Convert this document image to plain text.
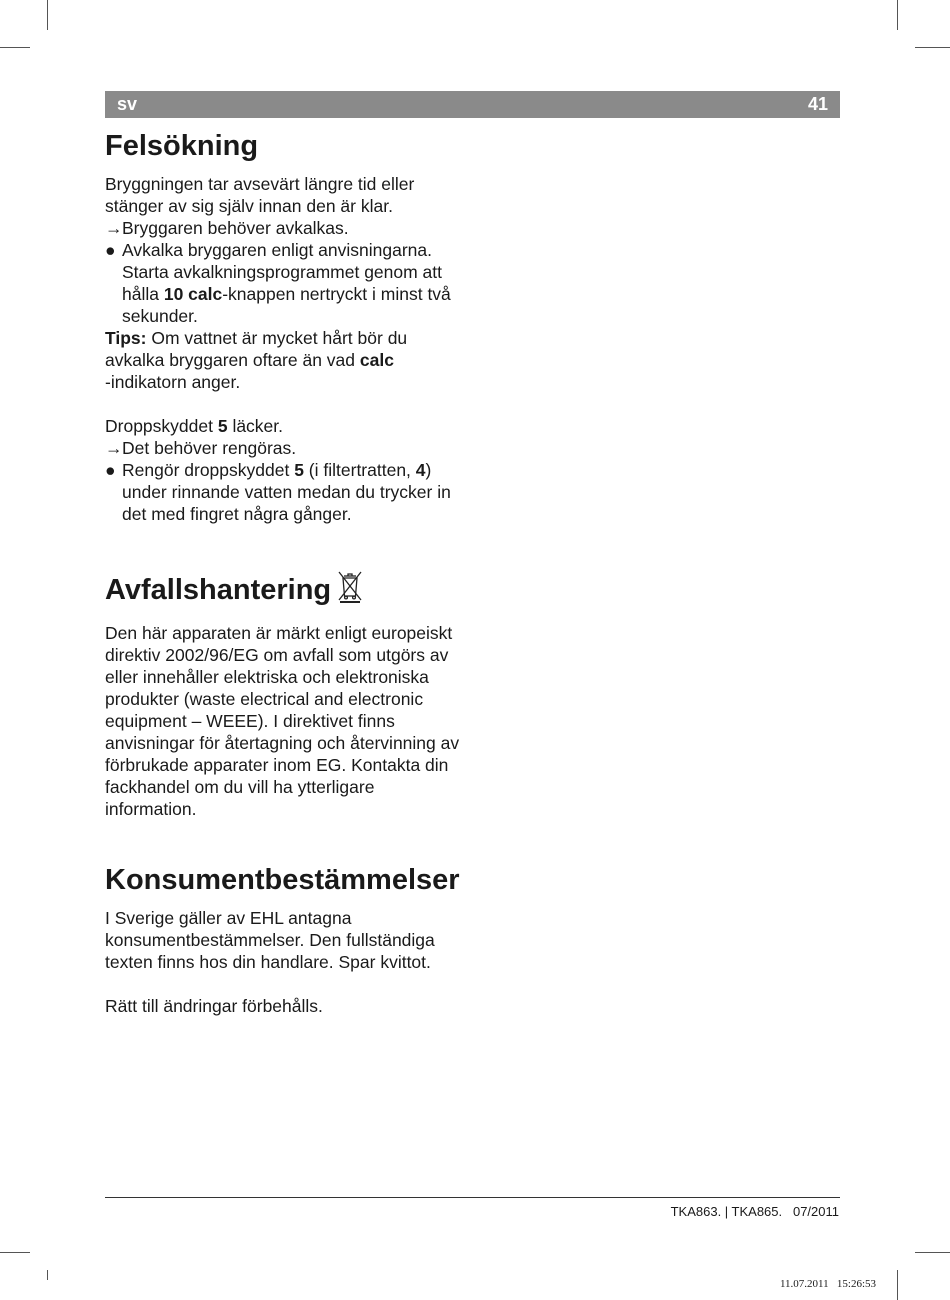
sv	41
Felsökning

Bryggningen tar avsevärt längre tid eller stänger av sig själv innan den är klar.

→ Bryggaren behöver avkalkas.

● Avkalka bryggaren enligt anvisningarna. Starta avkalkningsprogrammet genom att hålla 10 calc-knappen nertryckt i minst två sekunder.

Tips: Om vattnet är mycket hårt bör du avkalka bryggaren oftare än vad calc
-indikatorn anger.

Droppskyddet 5 läcker.

→ Det behöver rengöras.

● Rengör droppskyddet 5 (i filtertratten, 4) under rinnande vatten medan du trycker in det med fingret några gånger.

Avfallshantering

Den här apparaten är märkt enligt europeiskt direktiv 2002/96/EG om avfall som utgörs av eller innehåller elektriska och elektroniska produkter (waste electrical and electronic equipment – WEEE). I direktivet finns anvisningar för återtagning och återvinning av förbrukade apparater inom EG. Kontakta din fackhandel om du vill ha ytterligare information.

Konsumentbestämmelser

I Sverige gäller av EHL antagna konsumentbestämmelser. Den fullständiga texten finns hos din handlare. Spar kvittot.

Rätt till ändringar förbehålls.

TKA863. | TKA865.   07/2011
11.07.2011   15:26:53
